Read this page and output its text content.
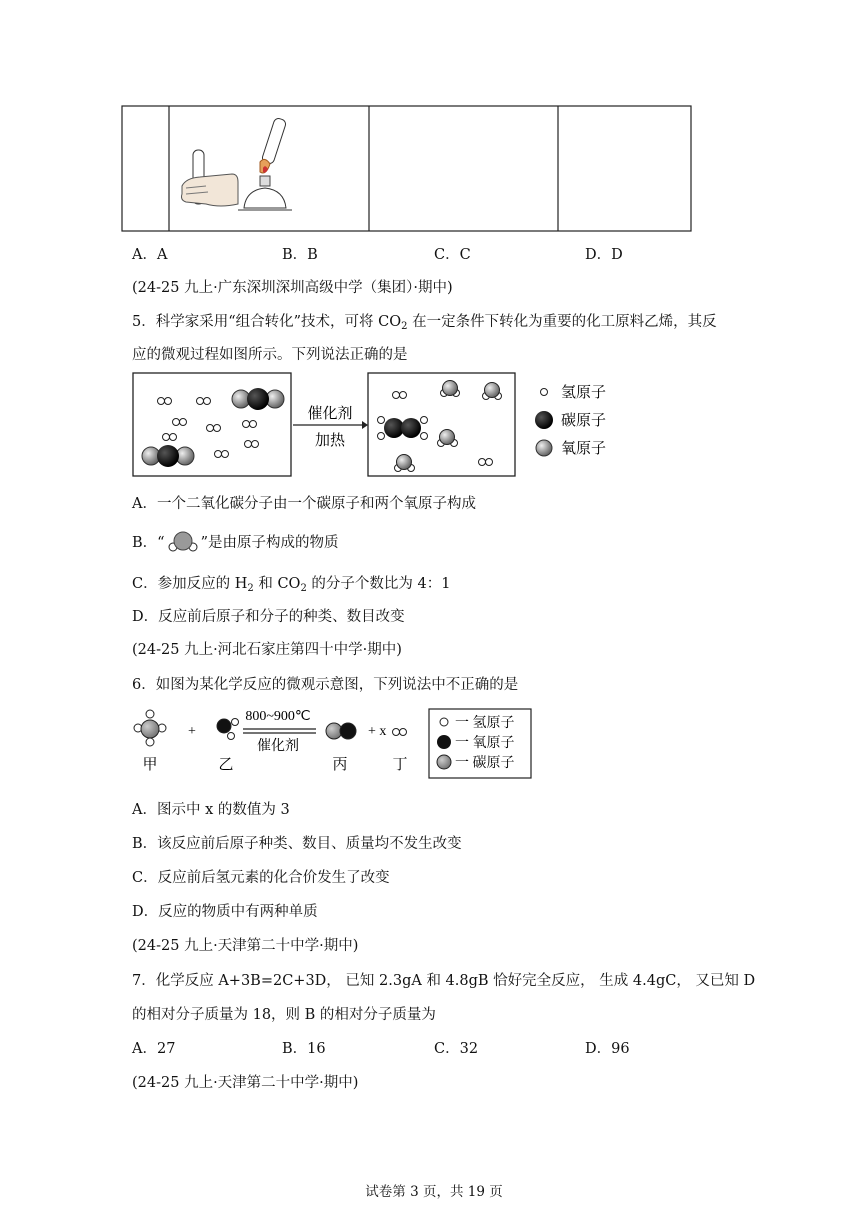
A．A	B．B	C．C	D．D
(24-25 九上·广东深圳深圳高级中学（集团）·期中)
5．科学家采用“组合转化”技术，可将 $CO_2$ 在一定条件下转化为重要的化工原料乙烯，其反
应的微观过程如图所示。下列说法正确的是
催化剂
加热
氢原子
碳原子
氧原子
A．一个二氧化碳分子由一个碳原子和两个氧原子构成
B．“ ”是由原子构成的物质
C．参加反应的 $H_2$ 和 $CO_2$ 的分子个数比为 4：1
D．反应前后原子和分子的种类、数目改变
(24-25 九上·河北石家庄第四十中学·期中)
6．如图为某化学反应的微观示意图，下列说法中不正确的是
+
800~900℃
催化剂
+ x
甲	乙	丙	丁
一 氢原子
一 氧原子
一 碳原子
A．图示中 x 的数值为 3
B．该反应前后原子种类、数目、质量均不发生改变
C．反应前后氢元素的化合价发生了改变
D．反应的物质中有两种单质
(24-25 九上·天津第二十中学·期中)
7．化学反应 A+3B=2C+3D， 已知 2.3gA 和 4.8gB 恰好完全反应， 生成 4.4gC， 又已知 D
的相对分子质量为 18，则 B 的相对分子质量为
A．27	B．16	C．32	D．96
(24-25 九上·天津第二十中学·期中)
试卷第 3 页，共 19 页
